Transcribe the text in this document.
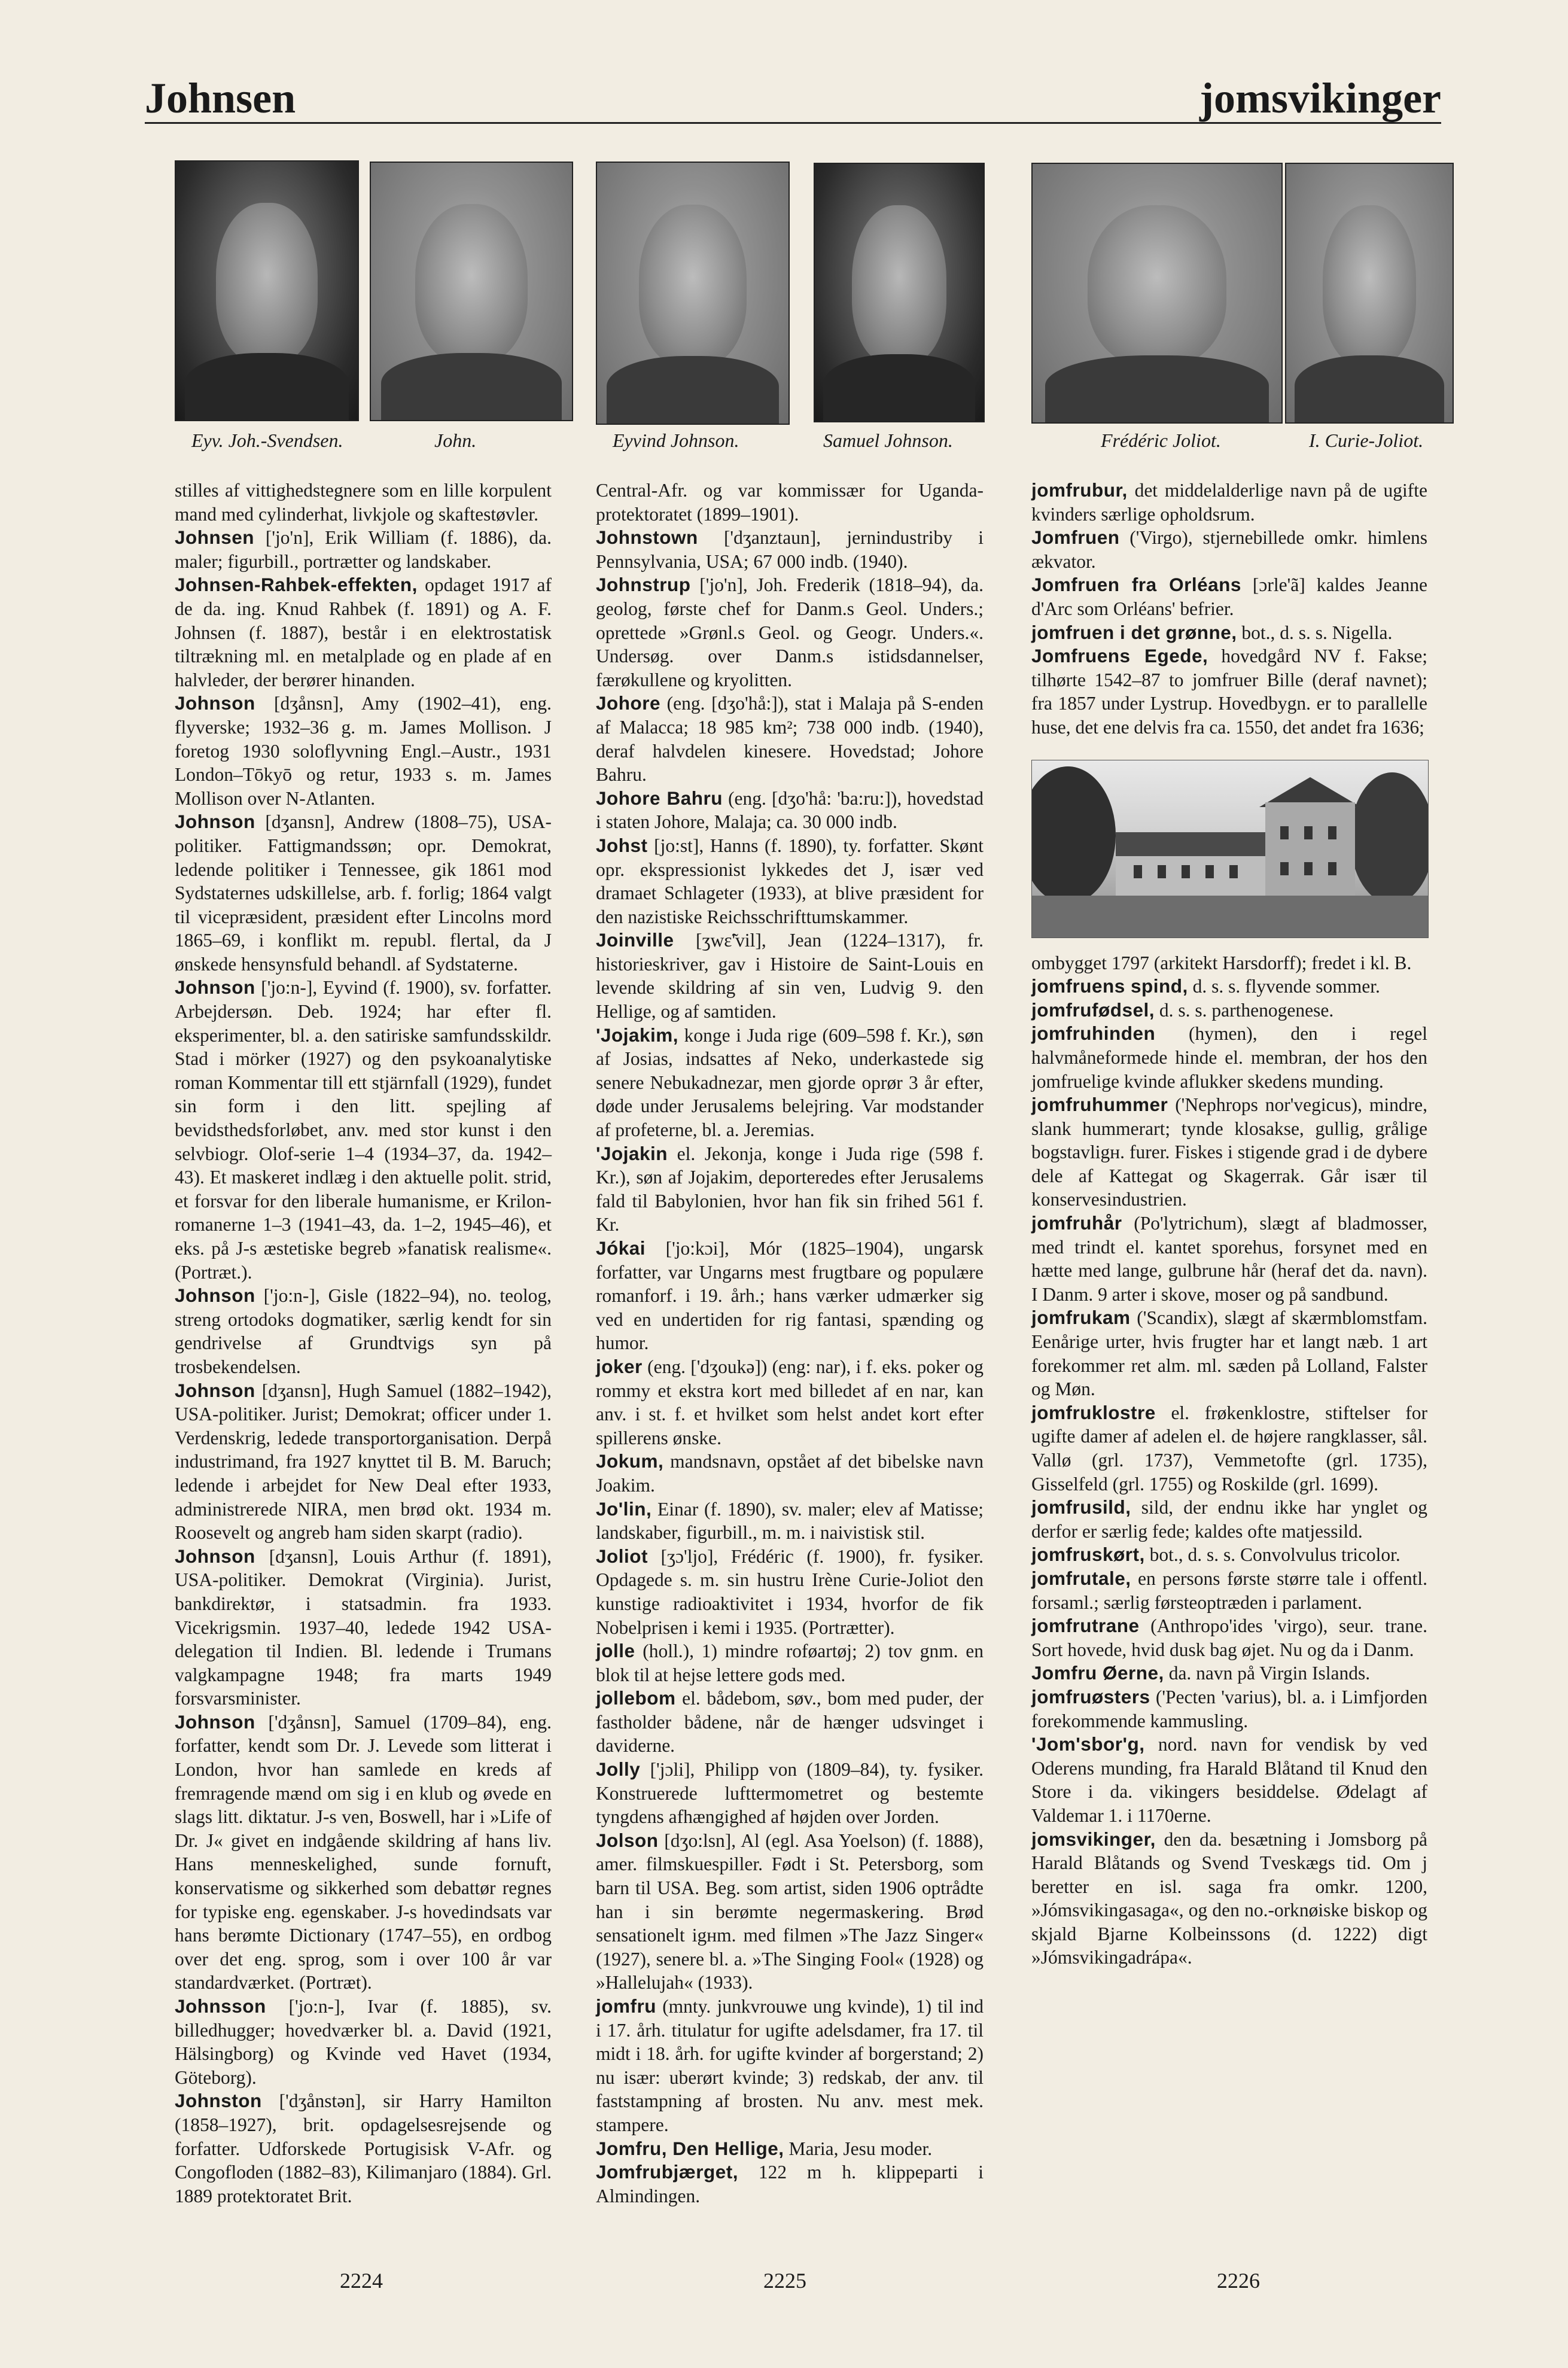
Johnsen	jomsvikinger
Eyv. Joh.-Svendsen.	John.	Eyvind Johnson.	Samuel Johnson.	Frédéric Joliot.	I. Curie-Joliot.

stilles af vittighedstegnere som en lille korpulent mand med cylinderhat, livkjole og skaftestøvler.

Johnsen ['jo'n], Erik William (f. 1886), da. maler; figurbill., portrætter og landskaber.

Johnsen-Rahbek-effekten, opdaget 1917 af de da. ing. Knud Rahbek (f. 1891) og A. F. Johnsen (f. 1887), består i en elektrostatisk tiltrækning ml. en metalplade og en plade af en halvleder, der berører hinanden.

Johnson [dʒånsn], Amy (1902–41), eng. flyverske; 1932–36 g. m. James Mollison. J foretog 1930 soloflyvning Engl.–Austr., 1931 London–Tōkyō og retur, 1933 s. m. James Mollison over N-Atlanten.

Johnson [dʒansn], Andrew (1808–75), USA-politiker. Fattigmandssøn; opr. Demokrat, ledende politiker i Tennessee, gik 1861 mod Sydstaternes udskillelse, arb. f. forlig; 1864 valgt til vicepræsident, præsident efter Lincolns mord 1865–69, i konflikt m. republ. flertal, da J ønskede hensynsfuld behandl. af Sydstaterne.

Johnson ['jo:n-], Eyvind (f. 1900), sv. forfatter. Arbejdersøn. Deb. 1924; har efter fl. eksperimenter, bl. a. den satiriske samfundsskildr. Stad i mörker (1927) og den psykoanalytiske roman Kommentar till ett stjärnfall (1929), fundet sin form i den litt. spejling af bevidsthedsforløbet, anv. med stor kunst i den selvbiogr. Olof-serie 1–4 (1934–37, da. 1942–43). Et maskeret indlæg i den aktuelle polit. strid, et forsvar for den liberale humanisme, er Krilon-romanerne 1–3 (1941–43, da. 1–2, 1945–46), et eks. på J-s æstetiske begreb »fanatisk realisme«. (Portræt.).

Johnson ['jo:n-], Gisle (1822–94), no. teolog, streng ortodoks dogmatiker, særlig kendt for sin gendrivelse af Grundtvigs syn på trosbekendelsen.

Johnson [dʒansn], Hugh Samuel (1882–1942), USA-politiker. Jurist; Demokrat; officer under 1. Verdenskrig, ledede transportorganisation. Derpå industrimand, fra 1927 knyttet til B. M. Baruch; ledende i arbejdet for New Deal efter 1933, administrerede NIRA, men brød okt. 1934 m. Roosevelt og angreb ham siden skarpt (radio).

Johnson [dʒansn], Louis Arthur (f. 1891), USA-politiker. Demokrat (Virginia). Jurist, bankdirektør, i statsadmin. fra 1933. Vicekrigsmin. 1937–40, ledede 1942 USA-delegation til Indien. Bl. ledende i Trumans valgkampagne 1948; fra marts 1949 forsvarsminister.

Johnson ['dʒånsn], Samuel (1709–84), eng. forfatter, kendt som Dr. J. Levede som litterat i London, hvor han samlede en kreds af fremragende mænd om sig i en klub og øvede en slags litt. diktatur. J-s ven, Boswell, har i »Life of Dr. J« givet en indgående skildring af hans liv. Hans menneskelighed, sunde fornuft, konservatisme og sikkerhed som debattør regnes for typiske eng. egenskaber. J-s hovedindsats var hans berømte Dictionary (1747–55), en ordbog over det eng. sprog, som i over 100 år var standardværket. (Portræt).

Johnsson ['jo:n-], Ivar (f. 1885), sv. billedhugger; hovedværker bl. a. David (1921, Hälsingborg) og Kvinde ved Havet (1934, Göteborg).

Johnston ['dʒånstən], sir Harry Hamilton (1858–1927), brit. opdagelsesrejsende og forfatter. Udforskede Portugisisk V-Afr. og Congofloden (1882–83), Kilimanjaro (1884). Grl. 1889 protektoratet Brit.

Central-Afr. og var kommissær for Uganda-protektoratet (1899–1901).

Johnstown ['dʒanztaun], jernindustriby i Pennsylvania, USA; 67 000 indb. (1940).

Johnstrup ['jo'n], Joh. Frederik (1818–94), da. geolog, første chef for Danm.s Geol. Unders.; oprettede »Grønl.s Geol. og Geogr. Unders.«. Undersøg. over Danm.s istidsdannelser, færøkullene og kryolitten.

Johore (eng. [dʒo'hå:]), stat i Malaja på S-enden af Malacca; 18 985 km²; 738 000 indb. (1940), deraf halvdelen kinesere. Hovedstad; Johore Bahru.

Johore Bahru (eng. [dʒo'hå: 'ba:ru:]), hovedstad i staten Johore, Malaja; ca. 30 000 indb.

Johst [jo:st], Hanns (f. 1890), ty. forfatter. Skønt opr. ekspressionist lykkedes det J, især ved dramaet Schlageter (1933), at blive præsident for den nazistiske Reichsschrifttumskammer.

Joinville [ʒwɛ̃'vil], Jean (1224–1317), fr. historieskriver, gav i Histoire de Saint-Louis en levende skildring af sin ven, Ludvig 9. den Hellige, og af samtiden.

'Jojakim, konge i Juda rige (609–598 f. Kr.), søn af Josias, indsattes af Neko, underkastede sig senere Nebukadnezar, men gjorde oprør 3 år efter, døde under Jerusalems belejring. Var modstander af profeterne, bl. a. Jeremias.

'Jojakin el. Jekonja, konge i Juda rige (598 f. Kr.), søn af Jojakim, deporteredes efter Jerusalems fald til Babylonien, hvor han fik sin frihed 561 f. Kr.

Jókai ['jo:kɔi], Mór (1825–1904), ungarsk forfatter, var Ungarns mest frugtbare og populære romanforf. i 19. årh.; hans værker udmærker sig ved en undertiden for rig fantasi, spænding og humor.

joker (eng. ['dʒoukə]) (eng: nar), i f. eks. poker og rommy et ekstra kort med billedet af en nar, kan anv. i st. f. et hvilket som helst andet kort efter spillerens ønske.

Jokum, mandsnavn, opstået af det bibelske navn Joakim.

Jo'lin, Einar (f. 1890), sv. maler; elev af Matisse; landskaber, figurbill., m. m. i naivistisk stil.

Joliot [ʒɔ'ljo], Frédéric (f. 1900), fr. fysiker. Opdagede s. m. sin hustru Irène Curie-Joliot den kunstige radioaktivitet i 1934, hvorfor de fik Nobelprisen i kemi i 1935. (Portrætter).

jolle (holl.), 1) mindre roføartøj; 2) tov gnm. en blok til at hejse lettere gods med.

jollebom el. bådebom, søv., bom med puder, der fastholder bådene, når de hænger udsvinget i daviderne.

Jolly ['jɔli], Philipp von (1809–84), ty. fysiker. Konstruerede lufttermometret og bestemte tyngdens afhængighed af højden over Jorden.

Jolson [dʒo:lsn], Al (egl. Asa Yoelson) (f. 1888), amer. filmskuespiller. Født i St. Petersborg, som barn til USA. Beg. som artist, siden 1906 optrådte han i sin berømte negermaskering. Brød sensationelt igнm. med filmen »The Jazz Singer« (1927), senere bl. a. »The Singing Fool« (1928) og »Hallelujah« (1933).

jomfru (mnty. junkvrouwe ung kvinde), 1) til ind i 17. årh. titulatur for ugifte adelsdamer, fra 17. til midt i 18. årh. for ugifte kvinder af borgerstand; 2) nu især: uberørt kvinde; 3) redskab, der anv. til faststampning af brosten. Nu anv. mest mek. stampere.

Jomfru, Den Hellige, Maria, Jesu moder.

Jomfrubjærget, 122 m h. klippeparti i Almindingen.

jomfrubur, det middelalderlige navn på de ugifte kvinders særlige opholdsrum.

Jomfruen ('Virgo), stjernebillede omkr. himlens ækvator.

Jomfruen fra Orléans [ɔrle'ã] kaldes Jeanne d'Arc som Orléans' befrier.

jomfruen i det grønne, bot., d. s. s. Nigella.

Jomfruens Egede, hovedgård NV f. Fakse; tilhørte 1542–87 to jomfruer Bille (deraf navnet); fra 1857 under Lystrup. Hovedbygn. er to parallelle huse, det ene delvis fra ca. 1550, det andet fra 1636;

ombygget 1797 (arkitekt Harsdorff); fredet i kl. B.

jomfruens spind, d. s. s. flyvende sommer.

jomfrufødsel, d. s. s. parthenogenese.

jomfruhinden (hymen), den i regel halvmåneformede hinde el. membran, der hos den jomfruelige kvinde aflukker skedens munding.

jomfruhummer ('Nephrops nor'vegicus), mindre, slank hummerart; tynde klosakse, gullig, grålige bogstavligн. furer. Fiskes i stigende grad i de dybere dele af Kattegat og Skagerrak. Går især til konservesindustrien.

jomfruhår (Po'lytrichum), slægt af bladmosser, med trindt el. kantet sporehus, forsynet med en hætte med lange, gulbrune hår (heraf det da. navn). I Danm. 9 arter i skove, moser og på sandbund.

jomfrukam ('Scandix), slægt af skærmblomstfam. Eenårige urter, hvis frugter har et langt næb. 1 art forekommer ret alm. ml. sæden på Lolland, Falster og Møn.

jomfruklostre el. frøkenklostre, stiftelser for ugifte damer af adelen el. de højere rangklasser, sål. Vallø (grl. 1737), Vemmetofte (grl. 1735), Gisselfeld (grl. 1755) og Roskilde (grl. 1699).

jomfrusild, sild, der endnu ikke har ynglet og derfor er særlig fede; kaldes ofte matjessild.

jomfruskørt, bot., d. s. s. Convolvulus tricolor.

jomfrutale, en persons første større tale i offentl. forsaml.; særlig førsteoptræden i parlament.

jomfrutrane (Anthropo'ides 'virgo), seur. trane. Sort hovede, hvid dusk bag øjet. Nu og da i Danm.

Jomfru Øerne, da. navn på Virgin Islands.

jomfruøsters ('Pecten 'varius), bl. a. i Limfjorden forekommende kammusling.

'Jom'sbor'g, nord. navn for vendisk by ved Oderens munding, fra Harald Blåtand til Knud den Store i da. vikingers besiddelse. Ødelagt af Valdemar 1. i 1170erne.

jomsvikinger, den da. besætning i Jomsborg på Harald Blåtands og Svend Tveskægs tid. Om j beretter en isl. saga fra omkr. 1200, »Jómsvikingasaga«, og den no.-orknøiske biskop og skjald Bjarne Kolbeinssons (d. 1222) digt »Jómsvikingadrápa«.

2224	2225	2226
